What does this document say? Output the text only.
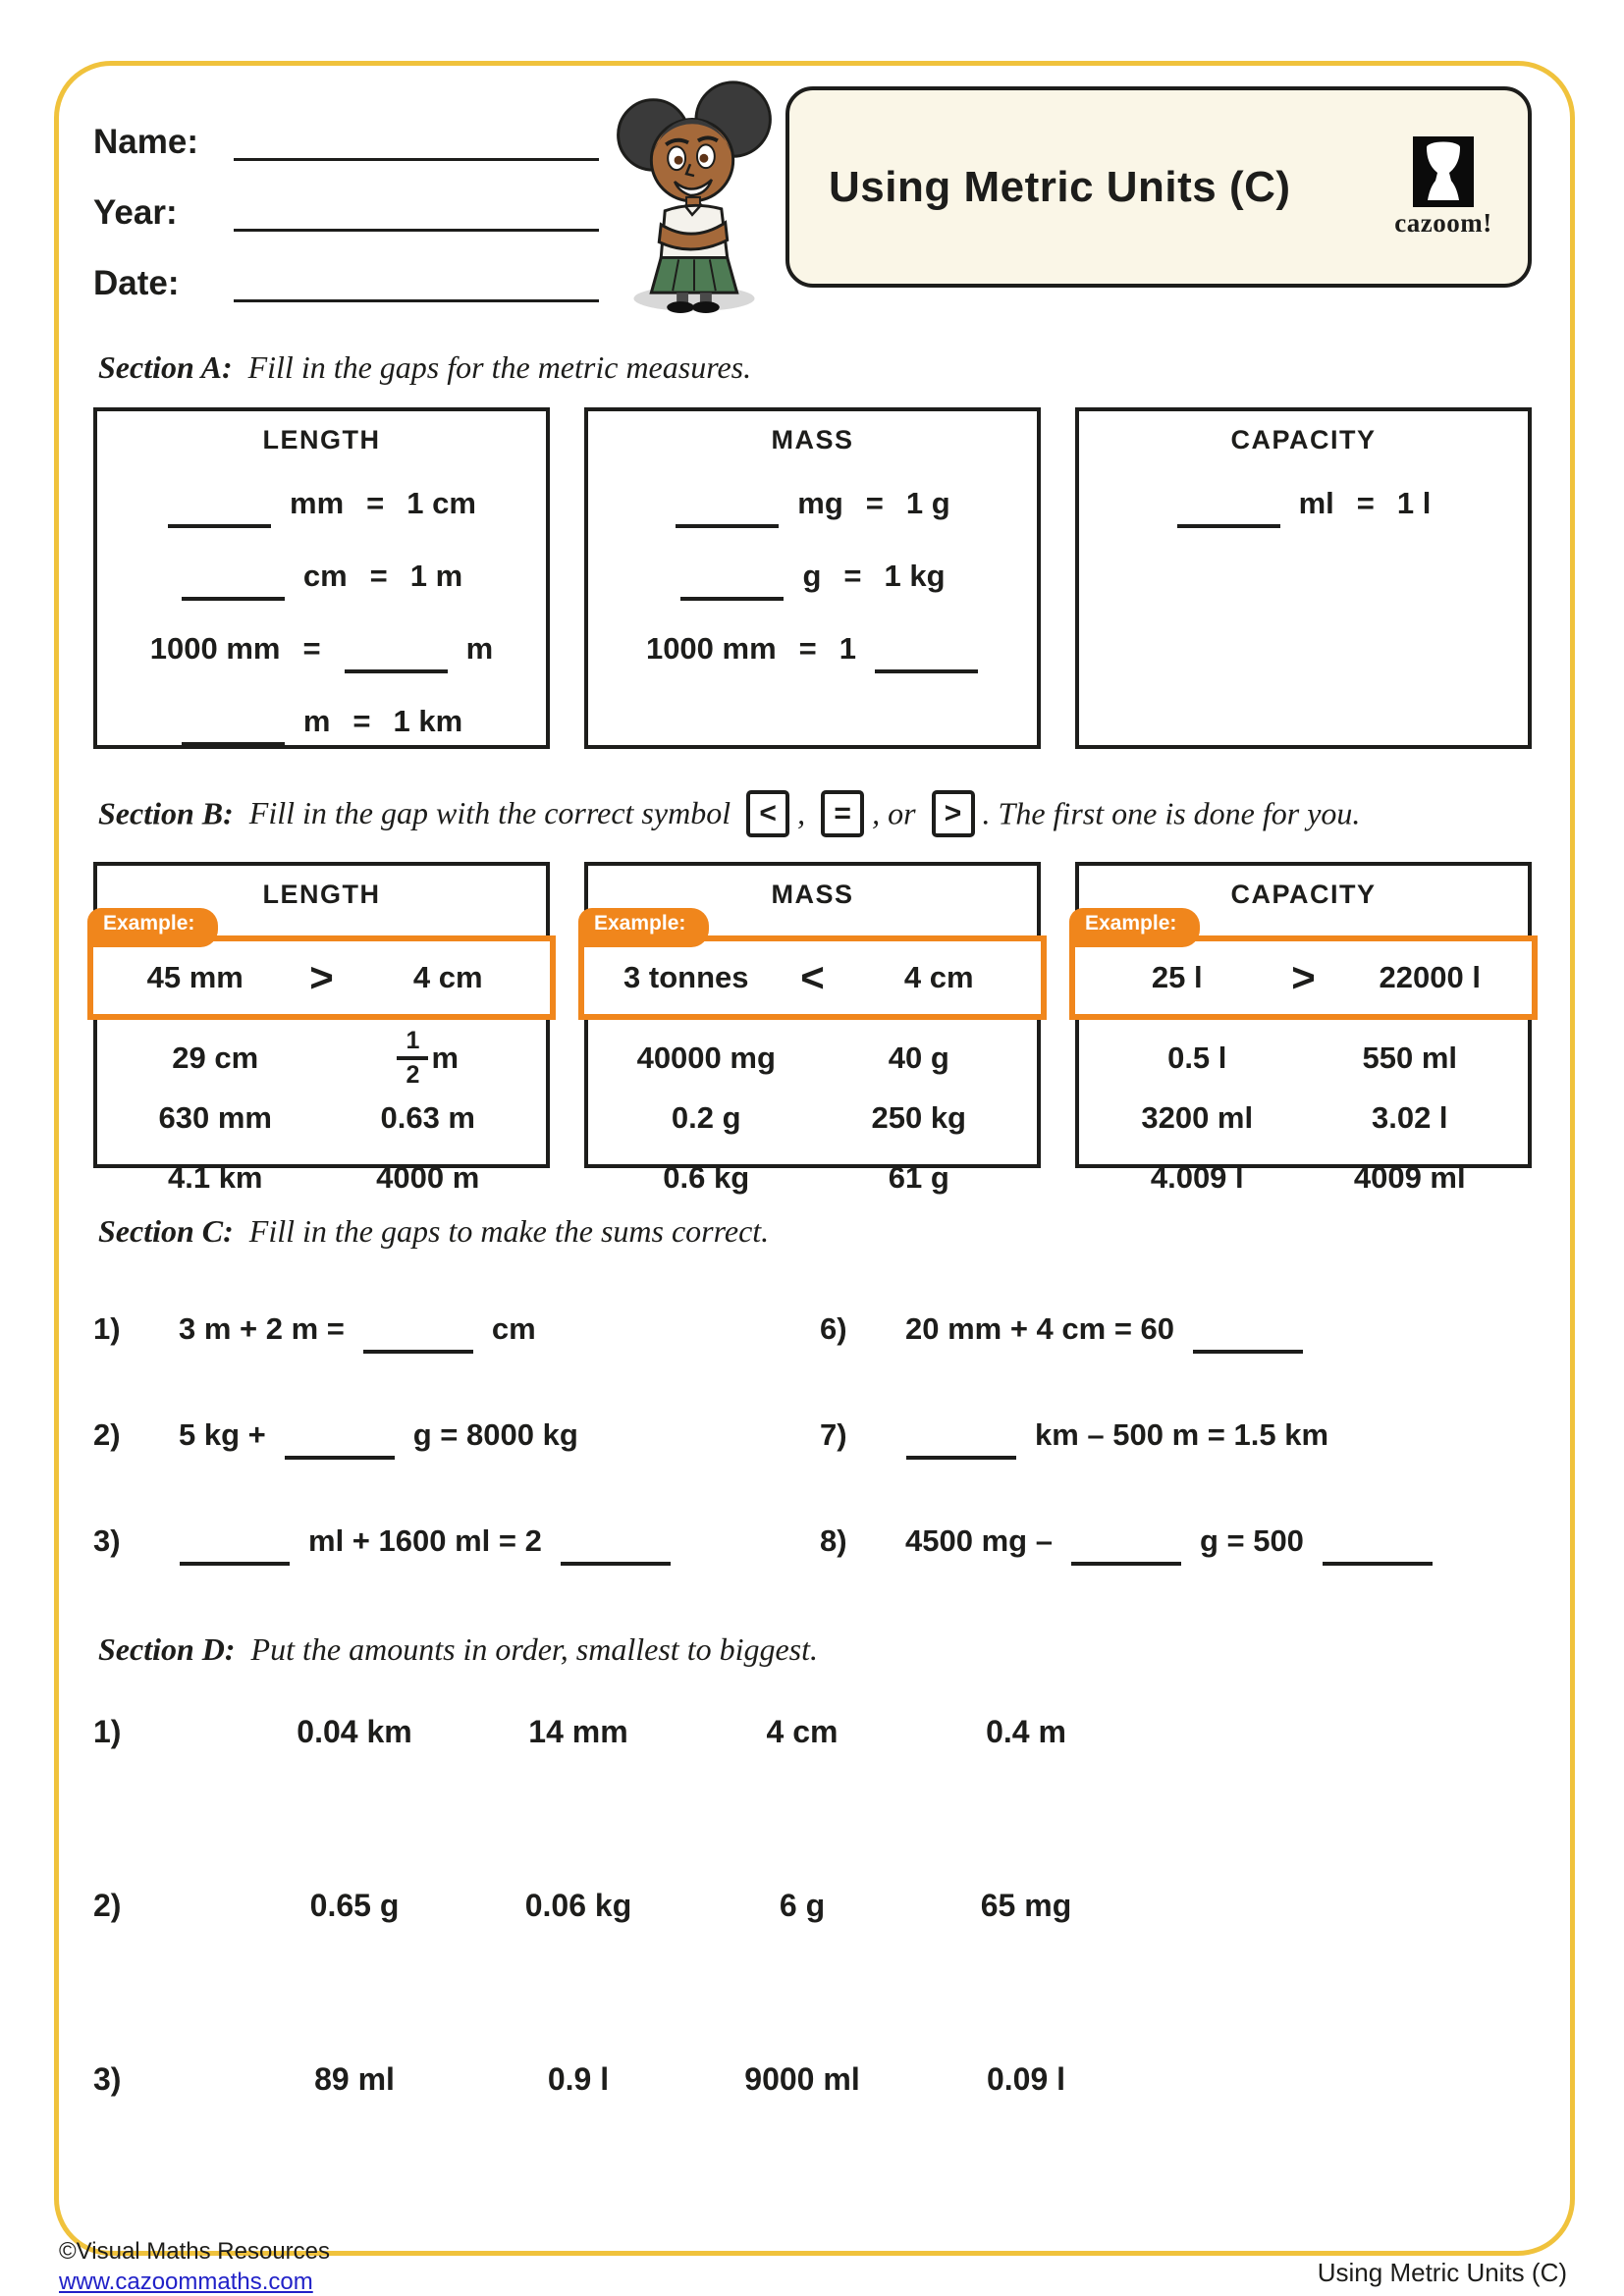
Name:
Year:
Date:
Using Metric Units (C)
cazoom!
Section A: Fill in the gaps for the metric measures.
LENGTH
mm = 1 cm
cm = 1 m
1000 mm =	m
m = 1 km
MASS
mg = 1 g
g = 1 kg
1000 mm = 1
CAPACITY
ml = 1 l
Section B: Fill in the gap with the correct symbol < , = , or > . The first one is done for you.
LENGTH
Example:
45 mm	>	4 cm
29 cm	$\frac{1}{2}$ m
630 mm	0.63 m
4.1 km	4000 m
MASS
Example:
3 tonnes	<	4 cm
40000 mg	40 g
0.2 g	250 kg
0.6 kg	61 g
CAPACITY
Example:
25 l	>	22000 l
0.5 l	550 ml
3200 ml	3.02 l
4.009 l	4009 ml
Section C: Fill in the gaps to make the sums correct.
1)	3 m + 2 m =	cm
2)	5 kg +	g = 8000 kg
3)	ml + 1600 ml = 2
6)	20 mm + 4 cm = 60
7)	km – 500 m = 1.5 km
8)	4500 mg –	g = 500
Section D: Put the amounts in order, smallest to biggest.
1)	0.04 km	14 mm	4 cm	0.4 m
2)	0.65 g	0.06 kg	6 g	65 mg
3)	89 ml	0.9 l	9000 ml	0.09 l
©Visual Maths Resources
www.cazoommaths.com	Using Metric Units (C)
